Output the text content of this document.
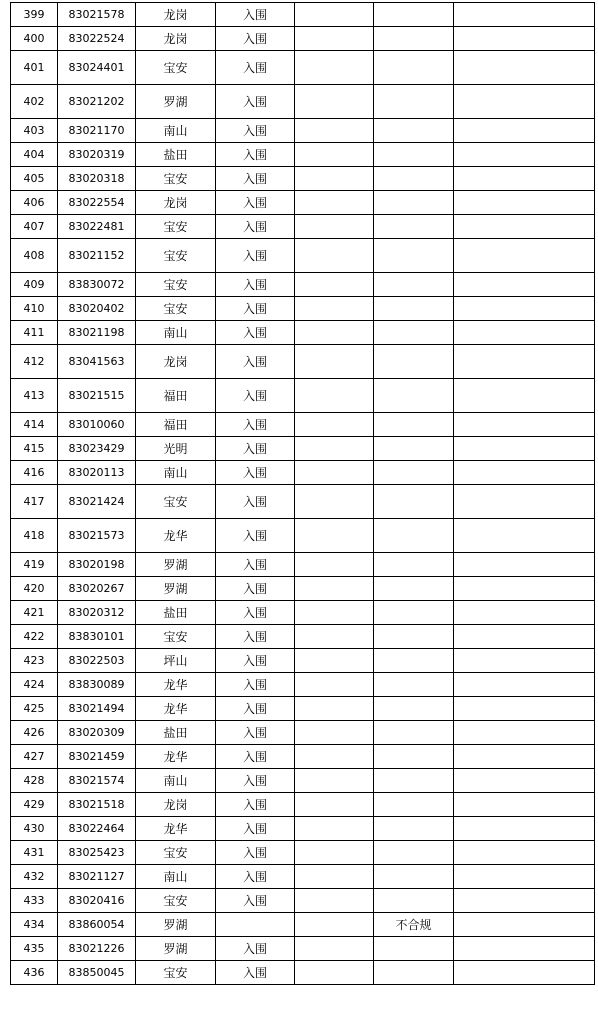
399	83021578	龙岗	入围			
400	83022524	龙岗	入围			
401	83024401	宝安	入围			
402	83021202	罗湖	入围			
403	83021170	南山	入围			
404	83020319	盐田	入围			
405	83020318	宝安	入围			
406	83022554	龙岗	入围			
407	83022481	宝安	入围			
408	83021152	宝安	入围			
409	83830072	宝安	入围			
410	83020402	宝安	入围			
411	83021198	南山	入围			
412	83041563	龙岗	入围			
413	83021515	福田	入围			
414	83010060	福田	入围			
415	83023429	光明	入围			
416	83020113	南山	入围			
417	83021424	宝安	入围			
418	83021573	龙华	入围			
419	83020198	罗湖	入围			
420	83020267	罗湖	入围			
421	83020312	盐田	入围			
422	83830101	宝安	入围			
423	83022503	坪山	入围			
424	83830089	龙华	入围			
425	83021494	龙华	入围			
426	83020309	盐田	入围			
427	83021459	龙华	入围			
428	83021574	南山	入围			
429	83021518	龙岗	入围			
430	83022464	龙华	入围			
431	83025423	宝安	入围			
432	83021127	南山	入围			
433	83020416	宝安	入围			
434	83860054	罗湖			不合规	
435	83021226	罗湖	入围			
436	83850045	宝安	入围			
